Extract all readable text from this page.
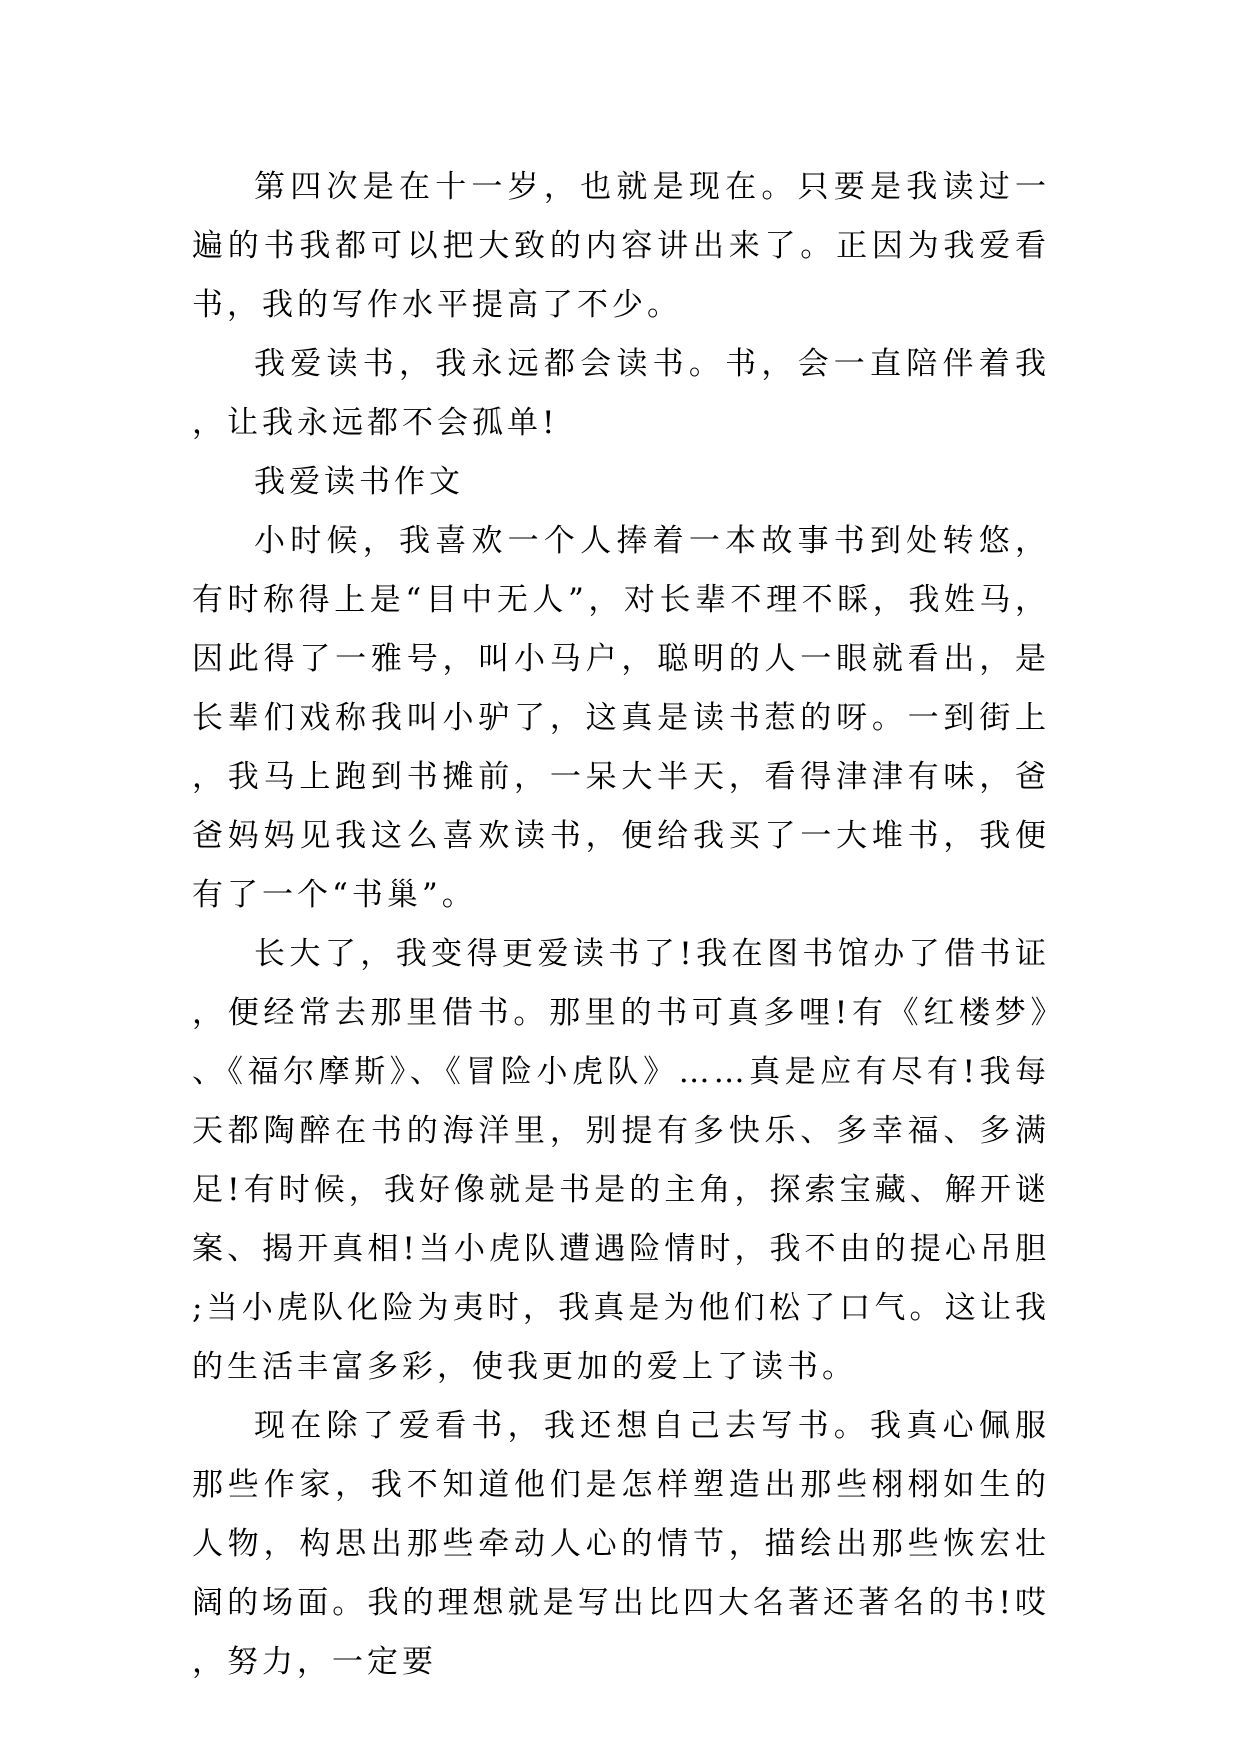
第四次是在十一岁，也就是现在。只要是我读过一遍的书我都可以把大致的内容讲出来了。正因为我爱看书，我的写作水平提高了不少。

我爱读书，我永远都会读书。书，会一直陪伴着我，让我永远都不会孤单!

我爱读书作文

小时候，我喜欢一个人捧着一本故事书到处转悠，有时称得上是“目中无人”，对长辈不理不睬，我姓马，因此得了一雅号，叫小马户，聪明的人一眼就看出，是长辈们戏称我叫小驴了，这真是读书惹的呀。一到街上，我马上跑到书摊前，一呆大半天，看得津津有味，爸爸妈妈见我这么喜欢读书，便给我买了一大堆书，我便有了一个“书巢”。

长大了，我变得更爱读书了!我在图书馆办了借书证，便经常去那里借书。那里的书可真多哩!有《红楼梦》、《福尔摩斯》、《冒险小虎队》……真是应有尽有!我每天都陶醉在书的海洋里，别提有多快乐、多幸福、多满足!有时候，我好像就是书是的主角，探索宝藏、解开谜案、揭开真相!当小虎队遭遇险情时，我不由的提心吊胆;当小虎队化险为夷时，我真是为他们松了口气。这让我的生活丰富多彩，使我更加的爱上了读书。

现在除了爱看书，我还想自己去写书。我真心佩服那些作家，我不知道他们是怎样塑造出那些栩栩如生的人物，构思出那些牵动人心的情节，描绘出那些恢宏壮阔的场面。我的理想就是写出比四大名著还著名的书!哎，努力，一定要
